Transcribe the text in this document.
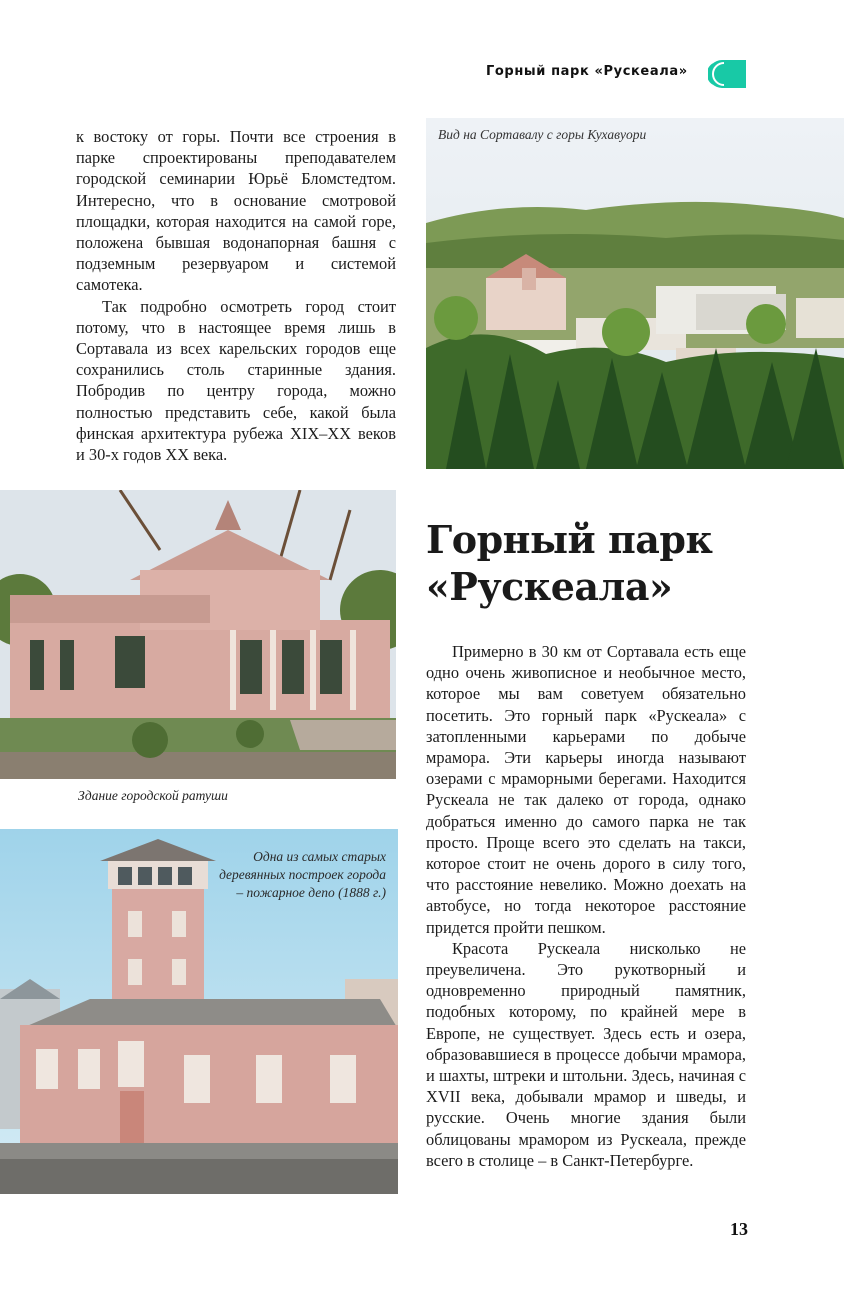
Горный парк «Рускеала»

к востоку от горы. Почти все строения в парке спроектированы преподавателем городской семинарии Юрьё Бломстедтом. Интересно, что в основание смотровой площадки, которая находится на самой горе, положена бывшая водонапорная башня с подземным резервуаром и системой самотека.

Так подробно осмотреть город стоит потому, что в настоящее время лишь в Сортавала из всех карельских городов еще сохранились столь старинные здания. Побродив по центру города, можно полностью представить себе, какой была финская архитектура рубежа XIX–XX веков и 30-х годов XX века.

Вид на Сортавалу с горы Кухавуори
Здание городской ратуши
Горный парк
«Рускеала»

Примерно в 30 км от Сортавала есть еще одно очень живописное и необычное место, которое мы вам советуем обязательно посетить. Это горный парк «Рускеала» с затопленными карьерами по добыче мрамора. Эти карьеры иногда называют озерами с мраморными берегами. Находится Рускеала не так далеко от города, однако добраться именно до самого парка не так просто. Проще всего это сделать на такси, которое стоит не очень дорого в силу того, что расстояние невелико. Можно доехать на автобусе, но тогда некоторое расстояние придется пройти пешком.

Красота Рускеала нисколько не преувеличена. Это рукотворный и одновременно природный памятник, подобных которому, по крайней мере в Европе, не существует. Здесь есть и озера, образовавшиеся в процессе добычи мрамора, и шахты, штреки и штольни. Здесь, начиная с XVII века, добывали мрамор и шведы, и русские. Очень многие здания были облицованы мрамором из Рускеала, прежде всего в столице – в Санкт-Петербурге.

Одна из самых старых деревянных построек города – пожарное депо (1888 г.)
13
